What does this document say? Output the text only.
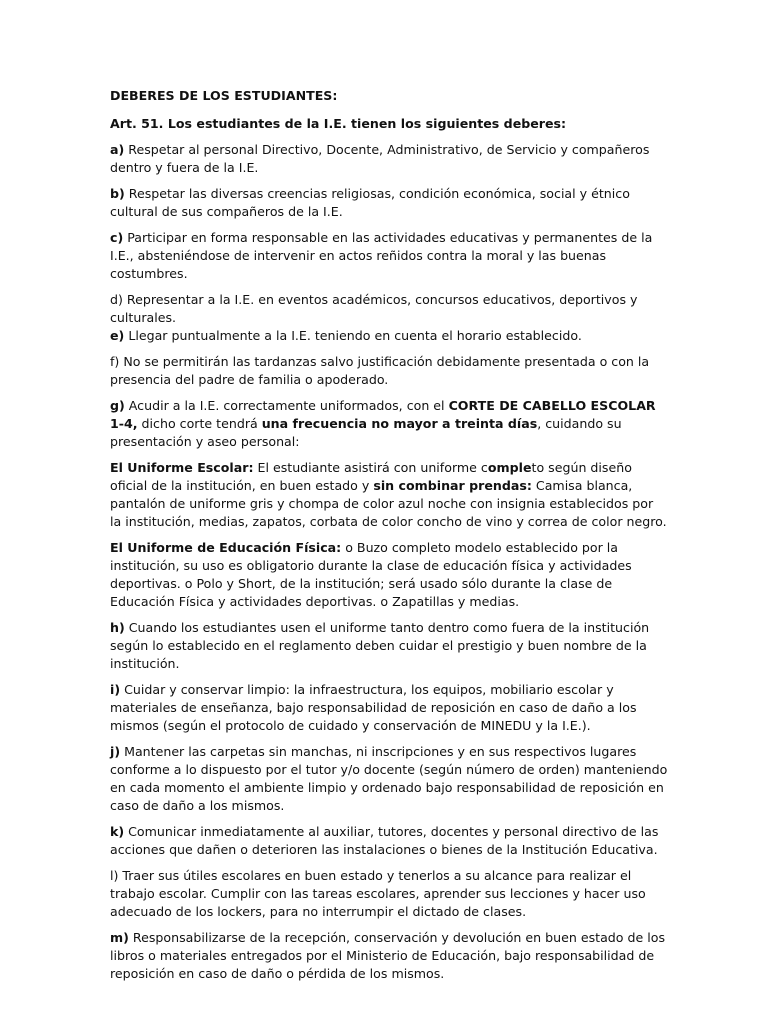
DEBERES DE LOS ESTUDIANTES:

Art. 51. Los estudiantes de la I.E. tienen los siguientes deberes:

a) Respetar al personal Directivo, Docente, Administrativo, de Servicio y compañeros dentro y fuera de la I.E.

b) Respetar las diversas creencias religiosas, condición económica, social y étnico cultural de sus compañeros de la I.E.

c) Participar en forma responsable en las actividades educativas y permanentes de la I.E., absteniéndose de intervenir en actos reñidos contra la moral y las buenas costumbres.

d) Representar a la I.E. en eventos académicos, concursos educativos, deportivos y culturales.

e) Llegar puntualmente a la I.E. teniendo en cuenta el horario establecido.

f) No se permitirán las tardanzas salvo justificación debidamente presentada o con la presencia del padre de familia o apoderado.

g) Acudir a la I.E. correctamente uniformados, con el CORTE DE CABELLO ESCOLAR 1-4, dicho corte tendrá una frecuencia no mayor a treinta días, cuidando su presentación y aseo personal:

El Uniforme Escolar: El estudiante asistirá con uniforme completo según diseño oficial de la institución, en buen estado y sin combinar prendas: Camisa blanca, pantalón de uniforme gris y chompa de color azul noche con insignia establecidos por la institución, medias, zapatos, corbata de color concho de vino y correa de color negro.

El Uniforme de Educación Física: o Buzo completo modelo establecido por la institución, su uso es obligatorio durante la clase de educación física y actividades deportivas. o Polo y Short, de la institución; será usado sólo durante la clase de Educación Física y actividades deportivas. o Zapatillas y medias.

h) Cuando los estudiantes usen el uniforme tanto dentro como fuera de la institución según lo establecido en el reglamento deben cuidar el prestigio y buen nombre de la institución.

i) Cuidar y conservar limpio: la infraestructura, los equipos, mobiliario escolar y materiales de enseñanza, bajo responsabilidad de reposición en caso de daño a los mismos (según el protocolo de cuidado y conservación de MINEDU y la I.E.).

j) Mantener las carpetas sin manchas, ni inscripciones y en sus respectivos lugares conforme a lo dispuesto por el tutor y/o docente (según número de orden) manteniendo en cada momento el ambiente limpio y ordenado bajo responsabilidad de reposición en caso de daño a los mismos.

k) Comunicar inmediatamente al auxiliar, tutores, docentes y personal directivo de las acciones que dañen o deterioren las instalaciones o bienes de la Institución Educativa.

l) Traer sus útiles escolares en buen estado y tenerlos a su alcance para realizar el trabajo escolar. Cumplir con las tareas escolares, aprender sus lecciones y hacer uso adecuado de los lockers, para no interrumpir el dictado de clases.

m) Responsabilizarse de la recepción, conservación y devolución en buen estado de los libros o materiales entregados por el Ministerio de Educación, bajo responsabilidad de reposición en caso de daño o pérdida de los mismos.
